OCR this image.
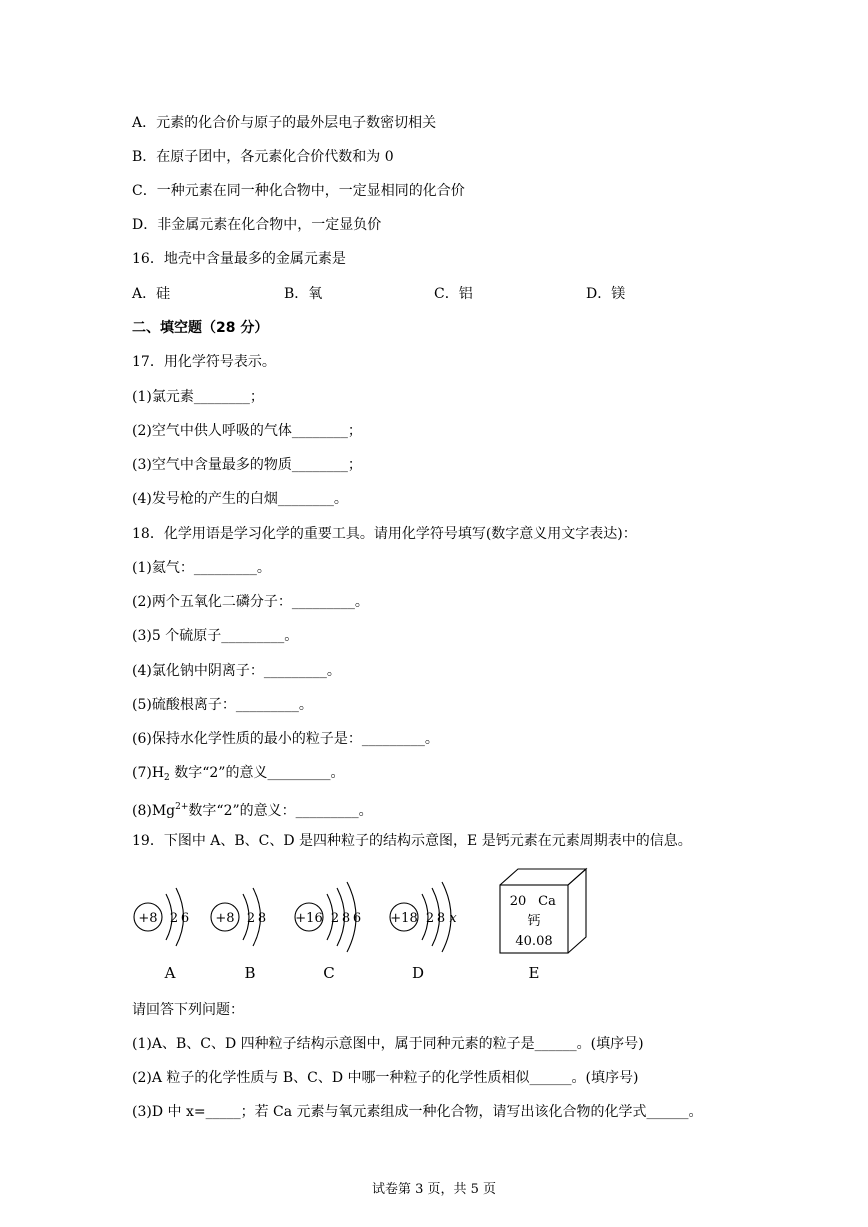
A．元素的化合价与原子的最外层电子数密切相关
B．在原子团中，各元素化合价代数和为 0
C．一种元素在同一种化合物中，一定显相同的化合价
D．非金属元素在化合物中，一定显负价
16．地壳中含量最多的金属元素是
A．硅	B．氧	C．铝	D．镁
二、填空题（28 分）
17．用化学符号表示。
(1)氯元素________；
(2)空气中供人呼吸的气体________；
(3)空气中含量最多的物质________；
(4)发号枪的产生的白烟________。
18．化学用语是学习化学的重要工具。请用化学符号填写(数字意义用文字表达)：
(1)氦气：_________。
(2)两个五氧化二磷分子：_________。
(3)5 个硫原子_________。
(4)氯化钠中阴离子：_________。
(5)硫酸根离子：_________。
(6)保持水化学性质的最小的粒子是：_________。
$(7)H_2$ 数字“2”的意义_________。
$(8)Mg^{2+}$数字“2”的意义：_________。
19．下图中 A、B、C、D 是四种粒子的结构示意图，E 是钙元素在元素周期表中的信息。
+8 2 6 +8 2 8 +16 2 8 6 +18 2 8 x
20 Ca
钙
40.08
A	B	C	D	E
请回答下列问题：
(1)A、B、C、D 四种粒子结构示意图中，属于同种元素的粒子是______。(填序号)
(2)A 粒子的化学性质与 B、C、D 中哪一种粒子的化学性质相似______。(填序号)
(3)D 中 x=_____；若 Ca 元素与氧元素组成一种化合物，请写出该化合物的化学式______。
试卷第 3 页，共 5 页
